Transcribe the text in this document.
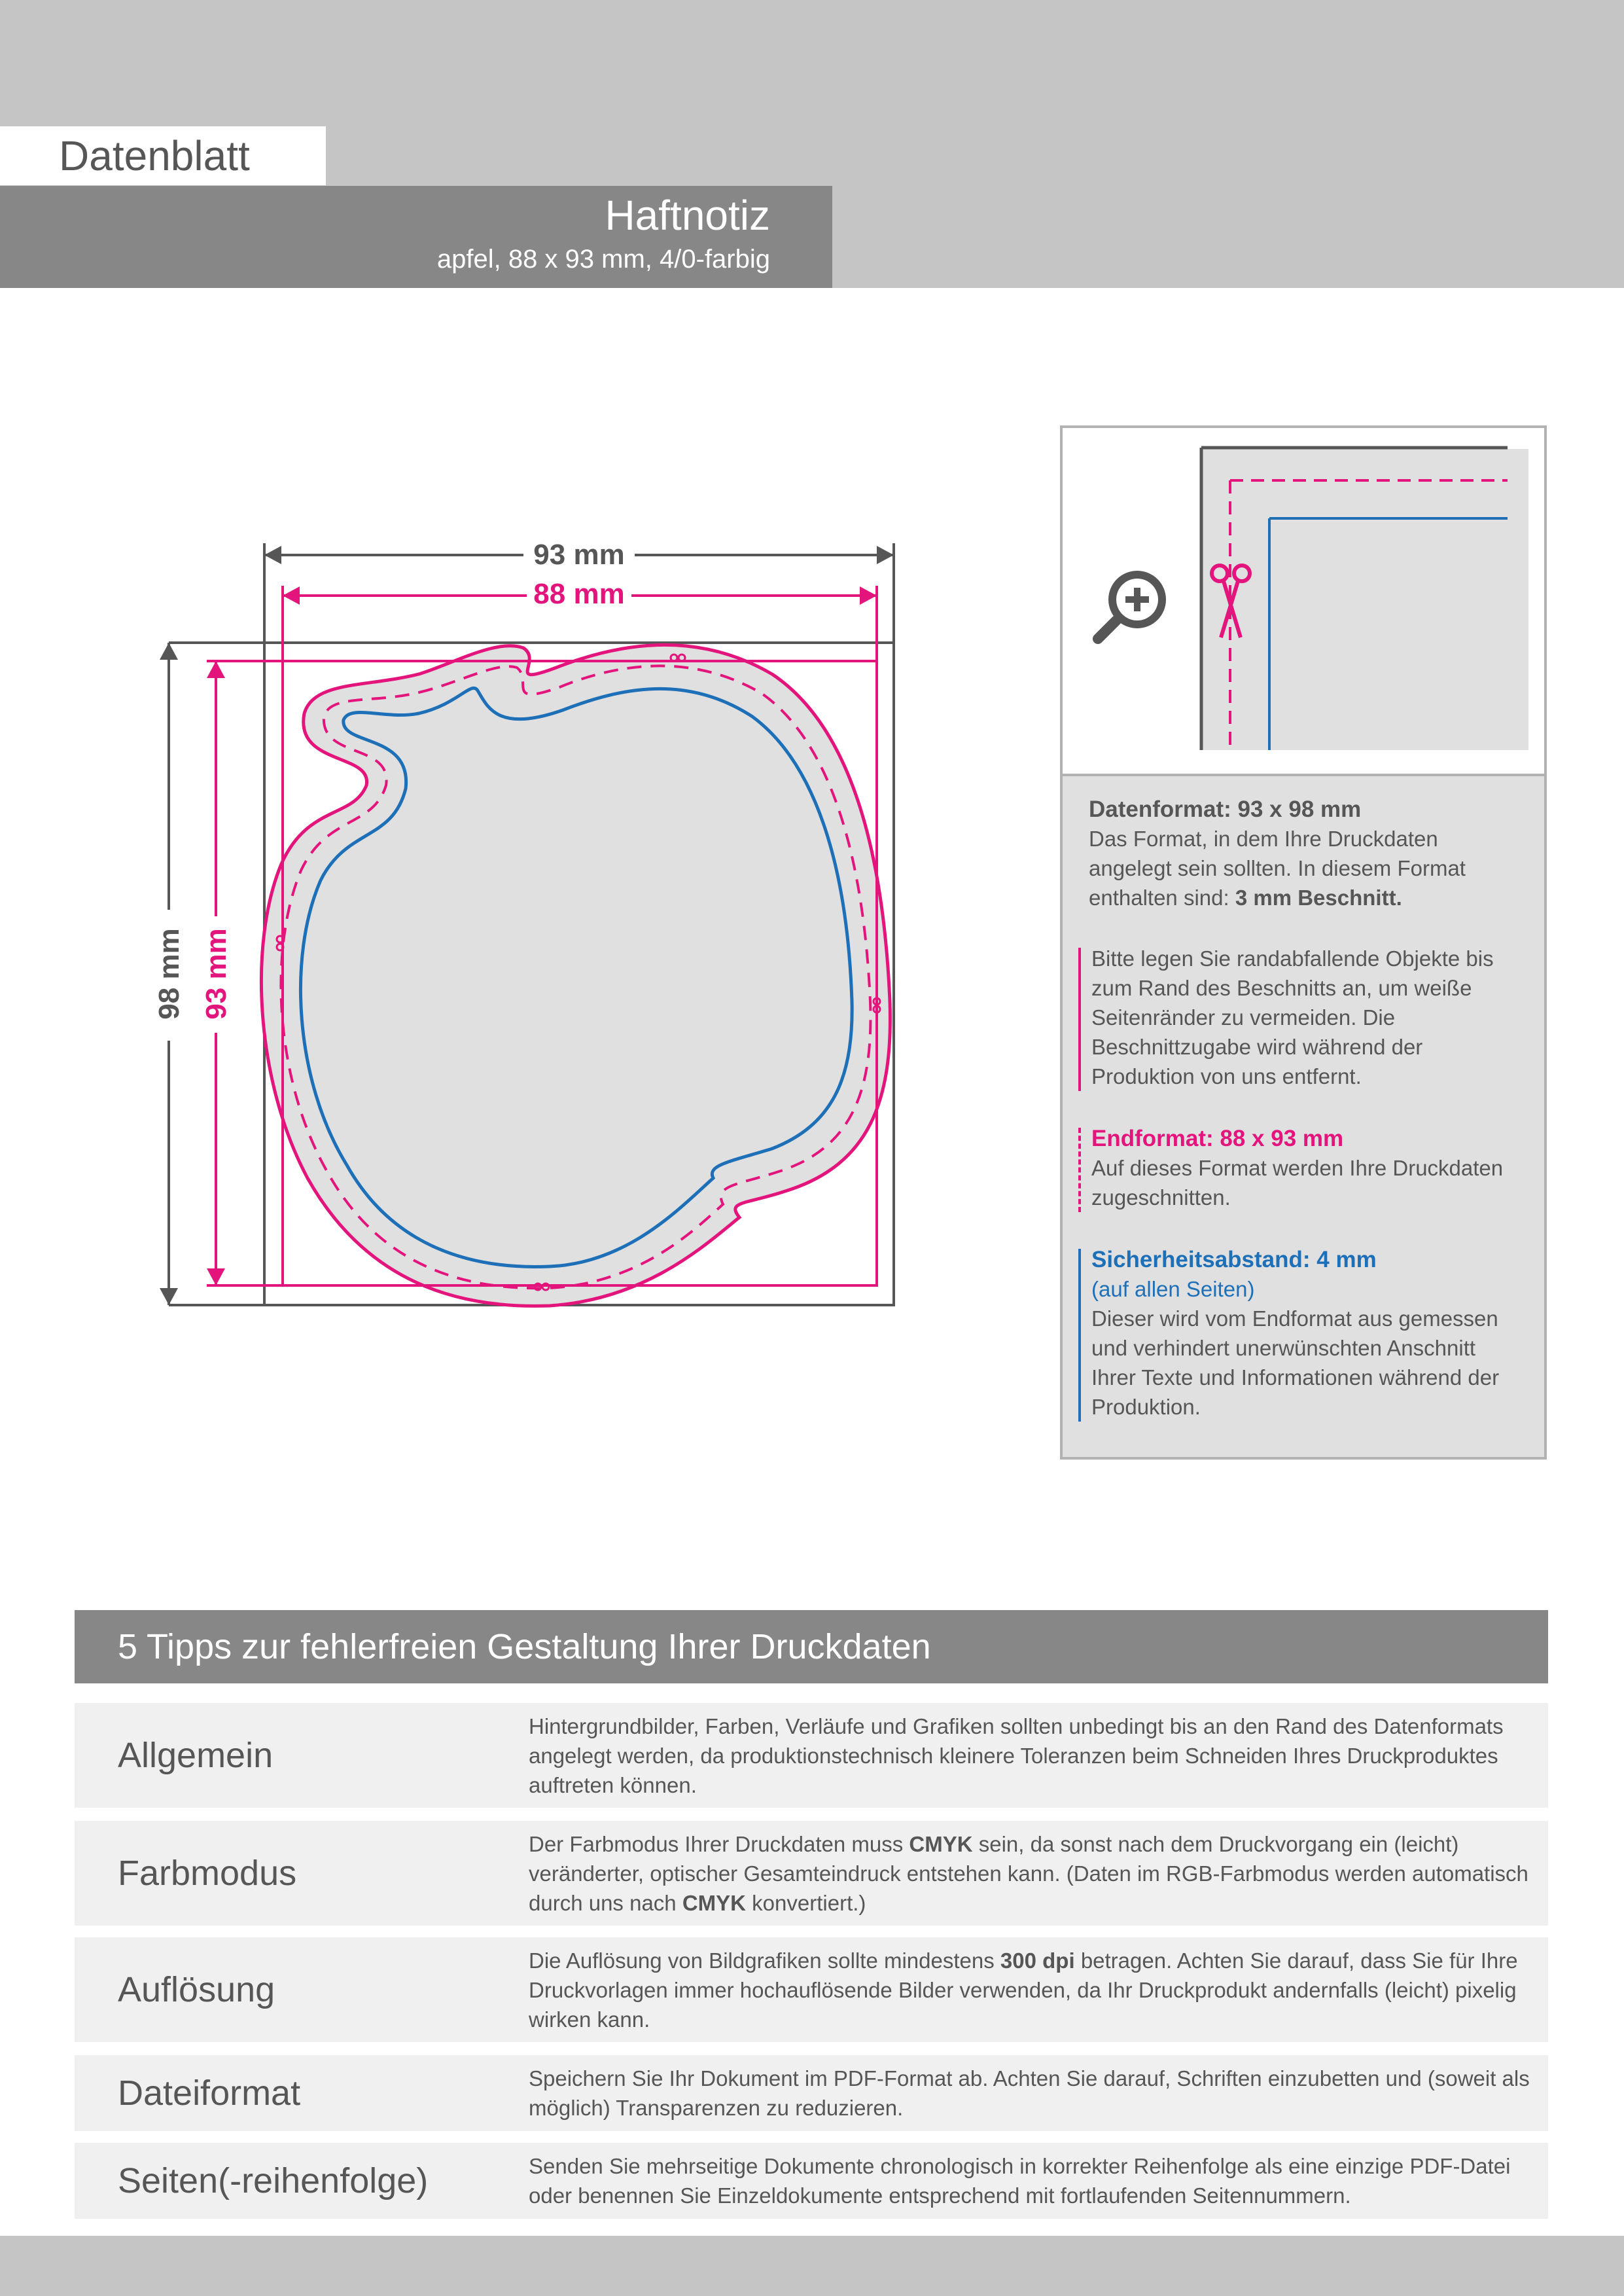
Datenblatt
Haftnotiz
apfel, 88 x 93 mm, 4/0-farbig
93 mm
88 mm
98 mm 93 mm

Datenformat: 93 x 98 mm

Das Format, in dem Ihre Druckdaten angelegt sein sollten. In diesem Format enthalten sind: 3 mm Beschnitt.

Bitte legen Sie randabfallende Objekte bis zum Rand des Beschnitts an, um weiße Seitenränder zu vermeiden. Die Beschnittzugabe wird während der Produktion von uns entfernt.

Endformat: 88 x 93 mm

Auf dieses Format werden Ihre Druckdaten zugeschnitten.

Sicherheitsabstand: 4 mm

(auf allen Seiten)

Dieser wird vom Endformat aus gemessen und verhindert unerwünschten Anschnitt Ihrer Texte und Informationen während der Produktion.

5 Tipps zur fehlerfreien Gestaltung Ihrer Druckdaten
Allgemein
Hintergrundbilder, Farben, Verläufe und Grafiken sollten unbedingt bis an den Rand des Datenformats angelegt werden, da produktionstechnisch kleinere Toleranzen beim Schneiden Ihres Druckproduktes auftreten können.
Farbmodus
Der Farbmodus Ihrer Druckdaten muss CMYK sein, da sonst nach dem Druckvorgang ein (leicht) veränderter, optischer Gesamteindruck entstehen kann. (Daten im RGB-Farbmodus werden automatisch durch uns nach CMYK konvertiert.)
Auflösung
Die Auflösung von Bildgrafiken sollte mindestens 300 dpi betragen. Achten Sie darauf, dass Sie für Ihre Druckvorlagen immer hochauflösende Bilder verwenden, da Ihr Druckprodukt andernfalls (leicht) pixelig wirken kann.
Dateiformat	Speichern Sie Ihr Dokument im PDF-Format ab. Achten Sie darauf, Schriften einzubetten und (soweit als möglich) Transparenzen zu reduzieren.
Seiten(-reihenfolge)	Senden Sie mehrseitige Dokumente chronologisch in korrekter Reihenfolge als eine einzige PDF-Datei oder benennen Sie Einzeldokumente entsprechend mit fortlaufenden Seitennummern.
